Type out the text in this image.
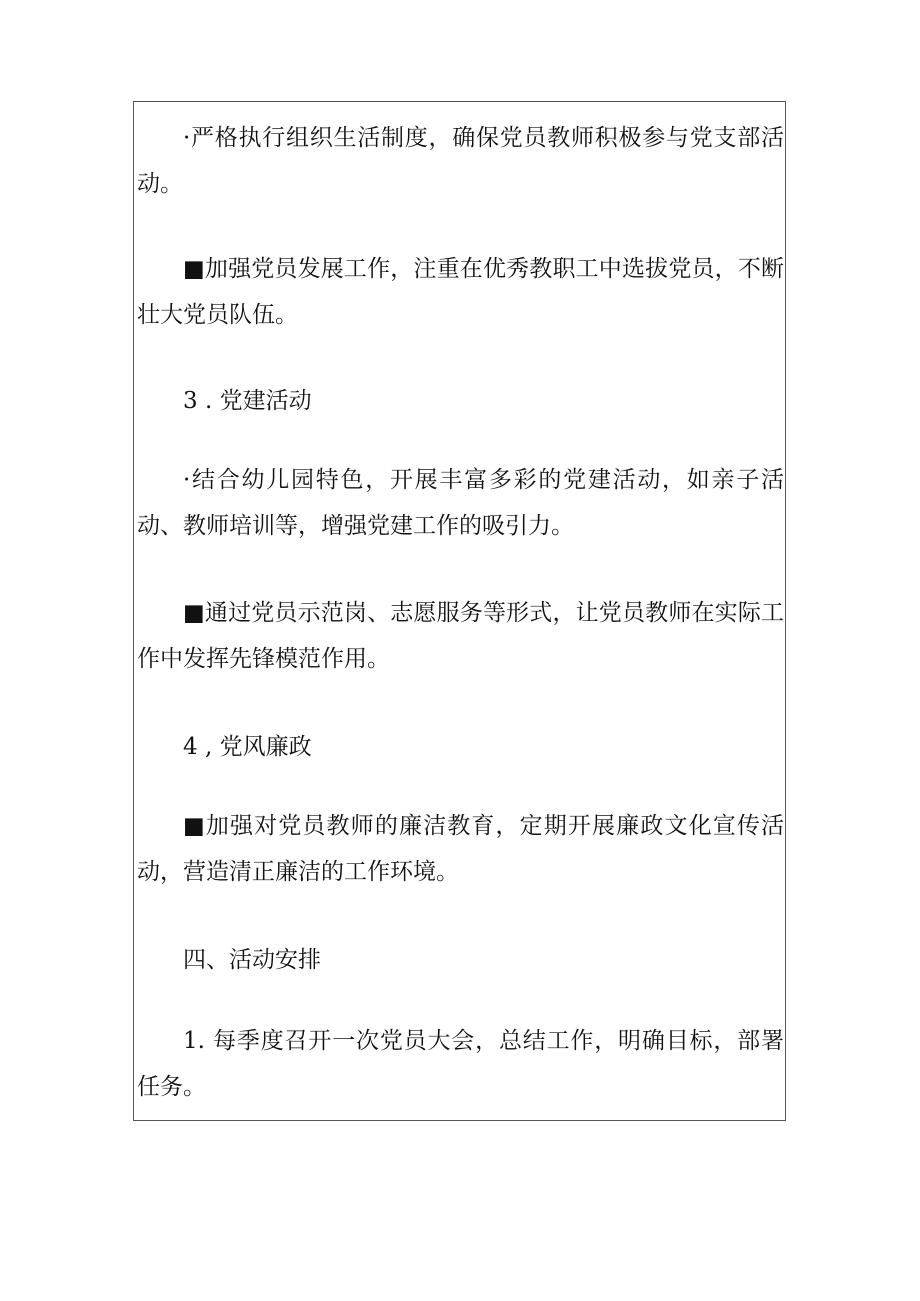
·严格执行组织生活制度，确保党员教师积极参与党支部活动。

■加强党员发展工作，注重在优秀教职工中选拔党员，不断壮大党员队伍。

3 . 党建活动

·结合幼儿园特色，开展丰富多彩的党建活动，如亲子活动、教师培训等，增强党建工作的吸引力。

■通过党员示范岗、志愿服务等形式，让党员教师在实际工作中发挥先锋模范作用。

4 , 党风廉政

■加强对党员教师的廉洁教育，定期开展廉政文化宣传活动，营造清正廉洁的工作环境。

四、活动安排

1. 每季度召开一次党员大会，总结工作，明确目标，部署任务。
